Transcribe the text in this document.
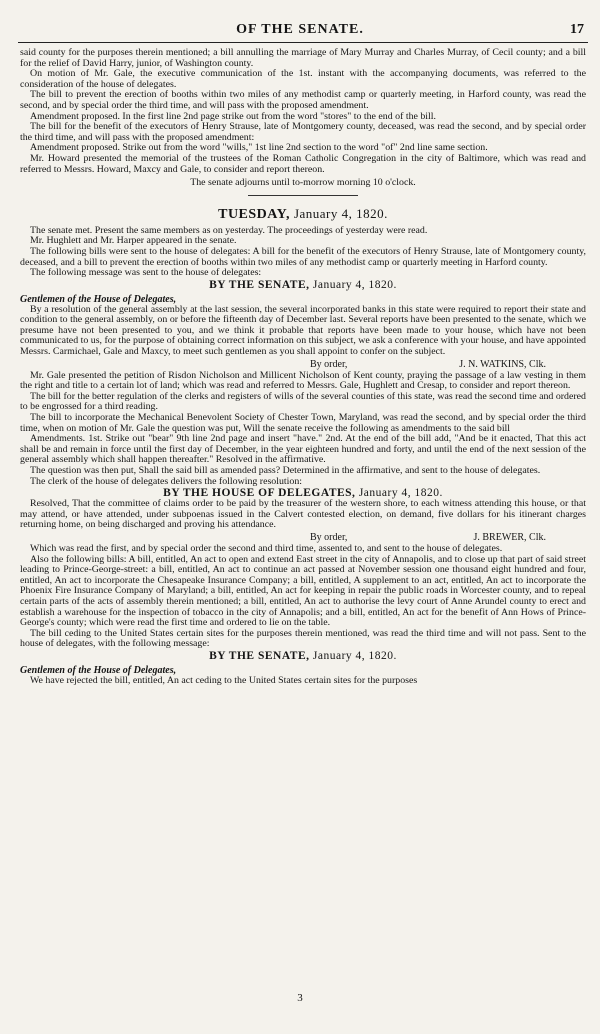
OF THE SENATE.	17

said county for the purposes therein mentioned; a bill annulling the marriage of Mary Murray and Charles Murray, of Cecil county; and a bill for the relief of David Harry, junior, of Washington county.

On motion of Mr. Gale, the executive communication of the 1st. instant with the accompanying documents, was referred to the consideration of the house of delegates.

The bill to prevent the erection of booths within two miles of any methodist camp or quarterly meeting, in Harford county, was read the second, and by special order the third time, and will pass with the proposed amendment.

Amendment proposed. In the first line 2nd page strike out from the word "stores" to the end of the bill.

The bill for the benefit of the executors of Henry Strause, late of Montgomery county, deceased, was read the second, and by special order the third time, and will pass with the proposed amendment:

Amendment proposed. Strike out from the word "wills," 1st line 2nd section to the word "of" 2nd line same section.

Mr. Howard presented the memorial of the trustees of the Roman Catholic Congregation in the city of Baltimore, which was read and referred to Messrs. Howard, Maxcy and Gale, to consider and report thereon.

The senate adjourns until to-morrow morning 10 o'clock.

TUESDAY, January 4, 1820.

The senate met. Present the same members as on yesterday. The proceedings of yesterday were read.

Mr. Hughlett and Mr. Harper appeared in the senate.

The following bills were sent to the house of delegates: A bill for the benefit of the executors of Henry Strause, late of Montgomery county, deceased, and a bill to prevent the erection of booths within two miles of any methodist camp or quarterly meeting in Harford county.

The following message was sent to the house of delegates:

BY THE SENATE, January 4, 1820.
Gentlemen of the House of Delegates,

By a resolution of the general assembly at the last session, the several incorporated banks in this state were required to report their state and condition to the general assembly, on or before the fifteenth day of December last. Several reports have been presented to the senate, which we presume have not been presented to you, and we think it probable that reports have been made to your house, which have not been communicated to us, for the purpose of obtaining correct information on this subject, we ask a conference with your house, and have appointed Messrs. Carmichael, Gale and Maxcy, to meet such gentlemen as you shall appoint to confer on the subject.

By order,	J. N. WATKINS, Clk.

Mr. Gale presented the petition of Risdon Nicholson and Millicent Nicholson of Kent county, praying the passage of a law vesting in them the right and title to a certain lot of land; which was read and referred to Messrs. Gale, Hughlett and Cresap, to consider and report thereon.

The bill for the better regulation of the clerks and registers of wills of the several counties of this state, was read the second time and ordered to be engrossed for a third reading.

The bill to incorporate the Mechanical Benevolent Society of Chester Town, Maryland, was read the second, and by special order the third time, when on motion of Mr. Gale the question was put, Will the senate receive the following as amendments to the said bill

Amendments. 1st. Strike out "bear" 9th line 2nd page and insert "have." 2nd. At the end of the bill add, "And be it enacted, That this act shall be and remain in force until the first day of December, in the year eighteen hundred and forty, and until the end of the next session of the general assembly which shall happen thereafter." Resolved in the affirmative.

The question was then put, Shall the said bill as amended pass? Determined in the affirmative, and sent to the house of delegates.

The clerk of the house of delegates delivers the following resolution:

BY THE HOUSE OF DELEGATES, January 4, 1820.

Resolved, That the committee of claims order to be paid by the treasurer of the western shore, to each witness attending this house, or that may attend, or have attended, under subpoenas issued in the Calvert contested election, on demand, five dollars for his itinerant charges returning home, on being discharged and proving his attendance.

By order,	J. BREWER, Clk.

Which was read the first, and by special order the second and third time, assented to, and sent to the house of delegates.

Also the following bills: A bill, entitled, An act to open and extend East street in the city of Annapolis, and to close up that part of said street leading to Prince-George-street: a bill, entitled, An act to continue an act passed at November session one thousand eight hundred and four, entitled, An act to incorporate the Chesapeake Insurance Company; a bill, entitled, A supplement to an act, entitled, An act to incorporate the Phoenix Fire Insurance Company of Maryland; a bill, entitled, An act for keeping in repair the public roads in Worcester county, and to repeal certain parts of the acts of assembly therein mentioned; a bill, entitled, An act to authorise the levy court of Anne Arundel county to erect and establish a warehouse for the inspection of tobacco in the city of Annapolis; and a bill, entitled, An act for the benefit of Ann Hows of Prince-George's county; which were read the first time and ordered to lie on the table.

The bill ceding to the United States certain sites for the purposes therein mentioned, was read the third time and will not pass. Sent to the house of delegates, with the following message:

BY THE SENATE, January 4, 1820.
Gentlemen of the House of Delegates,

We have rejected the bill, entitled, An act ceding to the United States certain sites for the purposes

3
